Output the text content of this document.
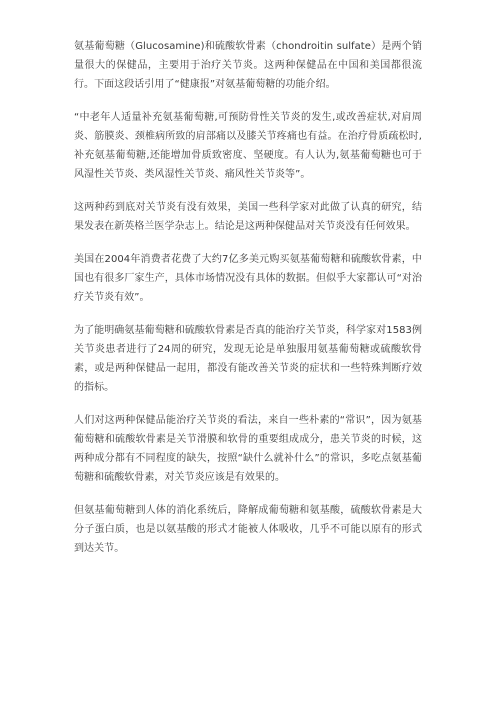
氨基葡萄糖（Glucosamine)和硫酸软骨素（chondroitin sulfate）是两个销量很大的保健品，主要用于治疗关节炎。这两种保健品在中国和美国都很流行。下面这段话引用了“健康报”对氨基葡萄糖的功能介绍。

“中老年人适量补充氨基葡萄糖,可预防骨性关节炎的发生,或改善症状,对肩周炎、筋膜炎、颈椎病所致的肩部痛以及膝关节疼痛也有益。在治疗骨质疏松时,补充氨基葡萄糖,还能增加骨质致密度、坚硬度。有人认为,氨基葡萄糖也可于风湿性关节炎、类风湿性关节炎、痛风性关节炎等”。

这两种药到底对关节炎有没有效果，美国一些科学家对此做了认真的研究，结果发表在新英格兰医学杂志上。结论是这两种保健品对关节炎没有任何效果。

美国在2004年消费者花费了大约7亿多美元购买氨基葡萄糖和硫酸软骨素，中国也有很多厂家生产，具体市场情况没有具体的数据。但似乎大家都认可“对治疗关节炎有效”。

为了能明确氨基葡萄糖和硫酸软骨素是否真的能治疗关节炎，科学家对1583例关节炎患者进行了24周的研究，发现无论是单独服用氨基葡萄糖或硫酸软骨素，或是两种保健品一起用，都没有能改善关节炎的症状和一些特殊判断疗效的指标。

人们对这两种保健品能治疗关节炎的看法，来自一些朴素的“常识”，因为氨基葡萄糖和硫酸软骨素是关节滑膜和软骨的重要组成成分，患关节炎的时候，这两种成分都有不同程度的缺失，按照“缺什么就补什么”的常识，多吃点氨基葡萄糖和硫酸软骨素，对关节炎应该是有效果的。

但氨基葡萄糖到人体的消化系统后，降解成葡萄糖和氨基酸，硫酸软骨素是大分子蛋白质，也是以氨基酸的形式才能被人体吸收，几乎不可能以原有的形式到达关节。
